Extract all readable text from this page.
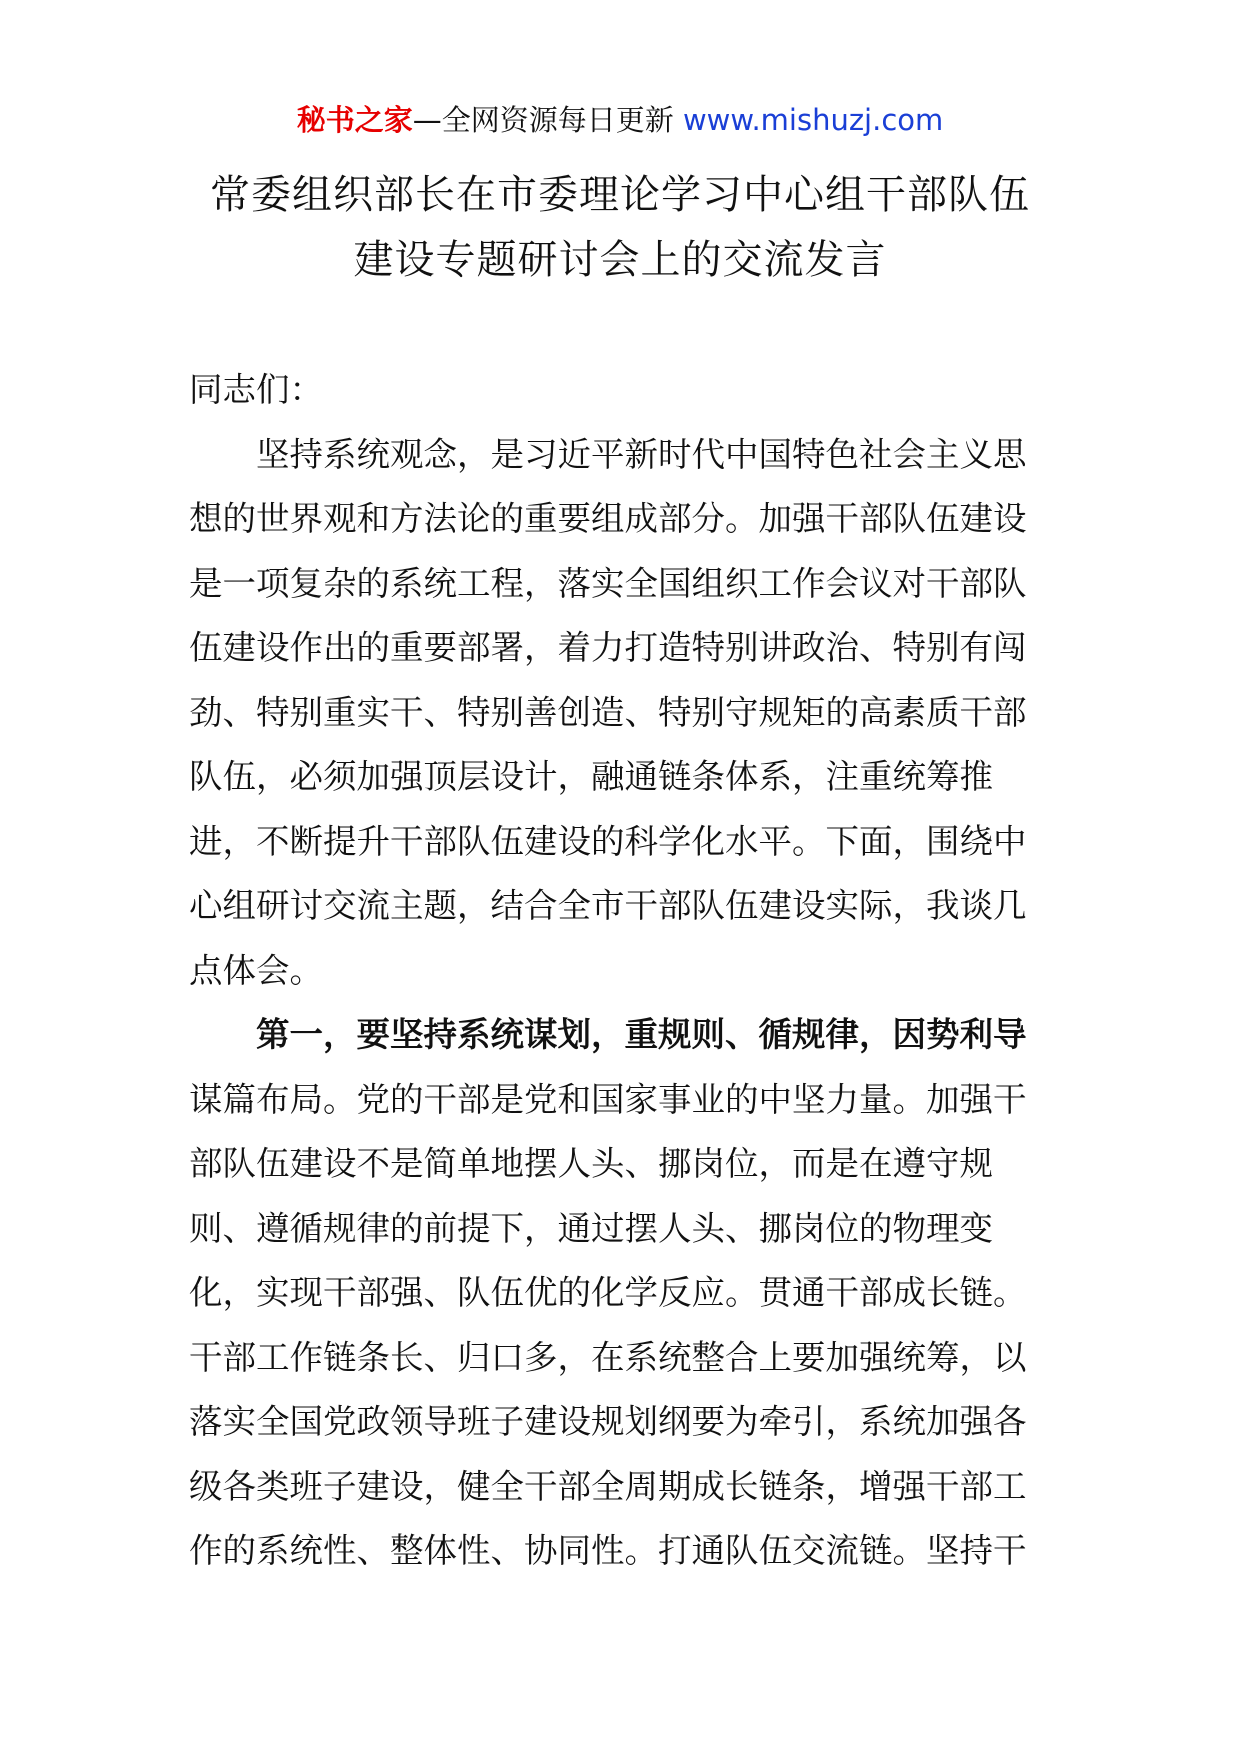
秘书之家—全网资源每日更新 www.mishuzj.com
常委组织部长在市委理论学习中心组干部队伍
建设专题研讨会上的交流发言
同志们：
坚持系统观念，是习近平新时代中国特色社会主义思
想的世界观和方法论的重要组成部分。加强干部队伍建设
是一项复杂的系统工程，落实全国组织工作会议对干部队
伍建设作出的重要部署，着力打造特别讲政治、特别有闯
劲、特别重实干、特别善创造、特别守规矩的高素质干部
队伍，必须加强顶层设计，融通链条体系，注重统筹推
进，不断提升干部队伍建设的科学化水平。下面，围绕中
心组研讨交流主题，结合全市干部队伍建设实际，我谈几
点体会。
第一，要坚持系统谋划，重规则、循规律，因势利导
谋篇布局。党的干部是党和国家事业的中坚力量。加强干
部队伍建设不是简单地摆人头、挪岗位，而是在遵守规
则、遵循规律的前提下，通过摆人头、挪岗位的物理变
化，实现干部强、队伍优的化学反应。贯通干部成长链。
干部工作链条长、归口多，在系统整合上要加强统筹，以
落实全国党政领导班子建设规划纲要为牵引，系统加强各
级各类班子建设，健全干部全周期成长链条，增强干部工
作的系统性、整体性、协同性。打通队伍交流链。坚持干
